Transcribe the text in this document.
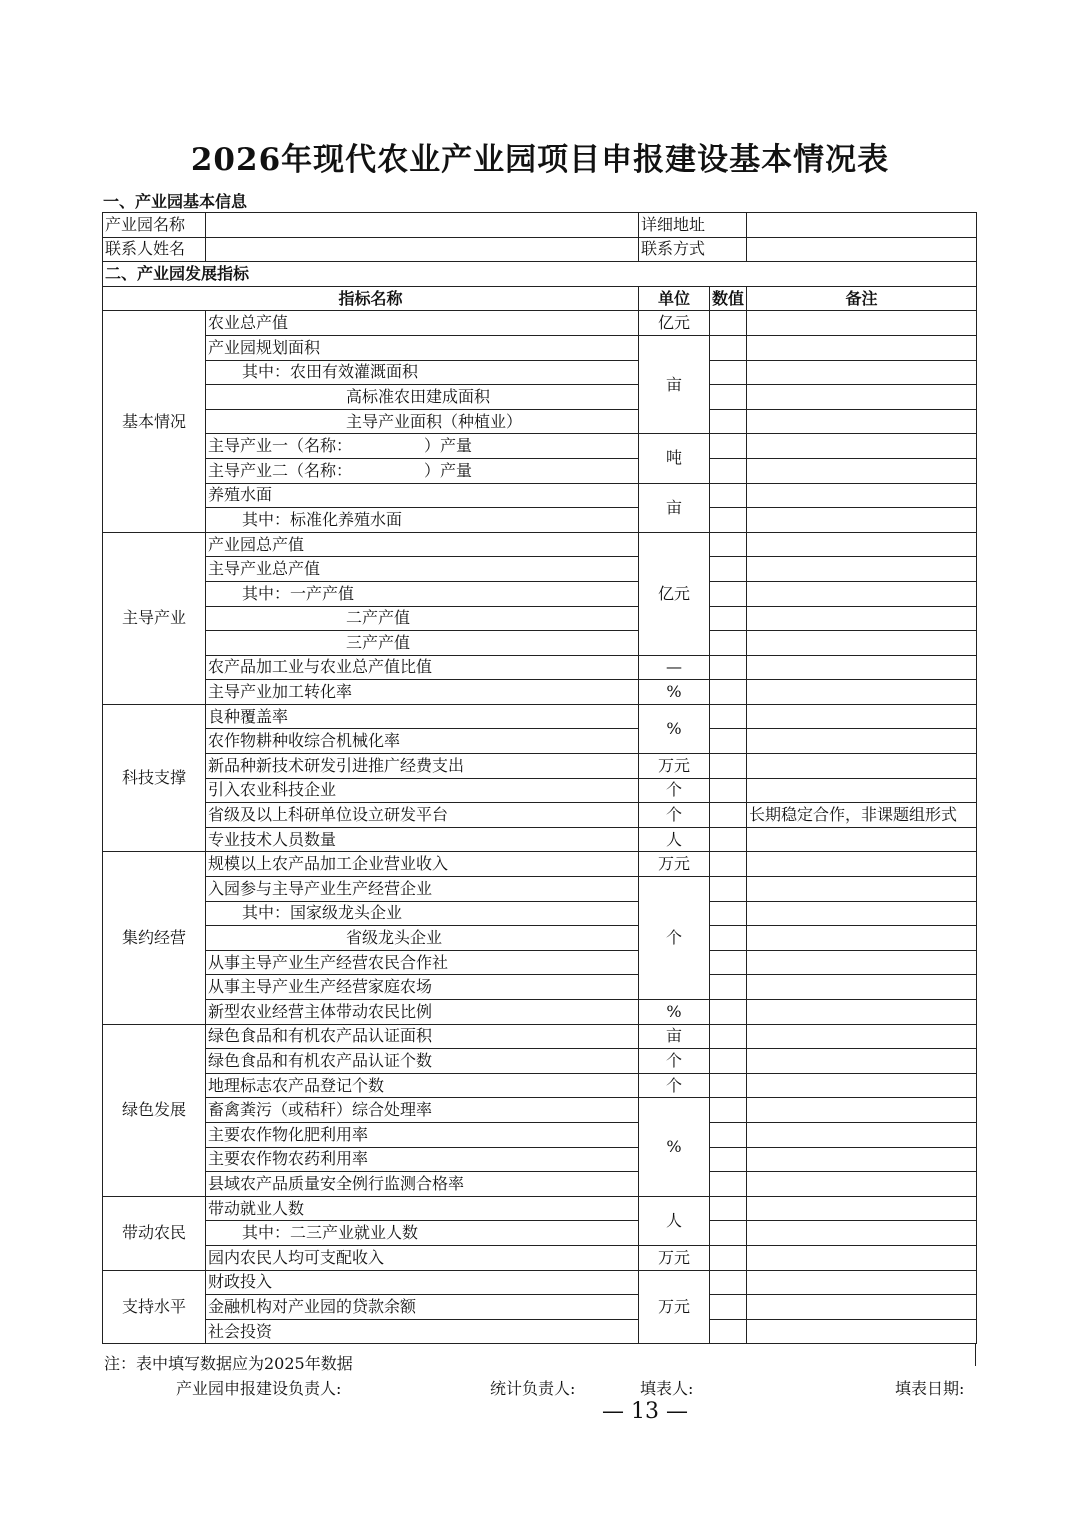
2026年现代农业产业园项目申报建设基本情况表
一、产业园基本信息
产业园名称		详细地址		
联系人姓名		联系方式		
二、产业园发展指标				
指标名称		单位	数值	备注
基本情况	农业总产值	亿元		
	产业园规划面积	亩		
	其中：农田有效灌溉面积			
	高标准农田建成面积			
	主导产业面积（种植业）			
	主导产业一（名称：　　　　　）产量	吨		
	主导产业二（名称：　　　　　）产量			
	养殖水面	亩		
	其中：标准化养殖水面			
主导产业	产业园总产值	亿元		
	主导产业总产值			
	其中：一产产值			
	二产产值			
	三产产值			
	农产品加工业与农业总产值比值	—		
	主导产业加工转化率	%		
科技支撑	良种覆盖率	%		
	农作物耕种收综合机械化率			
	新品种新技术研发引进推广经费支出	万元		
	引入农业科技企业	个		
	省级及以上科研单位设立研发平台	个		长期稳定合作，非课题组形式
	专业技术人员数量	人		
集约经营	规模以上农产品加工企业营业收入	万元		
	入园参与主导产业生产经营企业	个		
	其中：国家级龙头企业			
	省级龙头企业			
	从事主导产业生产经营农民合作社			
	从事主导产业生产经营家庭农场			
	新型农业经营主体带动农民比例	%		
绿色发展	绿色食品和有机农产品认证面积	亩		
	绿色食品和有机农产品认证个数	个		
	地理标志农产品登记个数	个		
	畜禽粪污（或秸秆）综合处理率	%		
	主要农作物化肥利用率			
	主要农作物农药利用率			
	县域农产品质量安全例行监测合格率			
带动农民	带动就业人数	人		
	其中：二三产业就业人数			
	园内农民人均可支配收入	万元		
支持水平	财政投入	万元		
	金融机构对产业园的贷款余额			
	社会投资			
注：表中填写数据应为2025年数据
产业园申报建设负责人:	统计负责人:	填表人:	填表日期:
— 13 —
